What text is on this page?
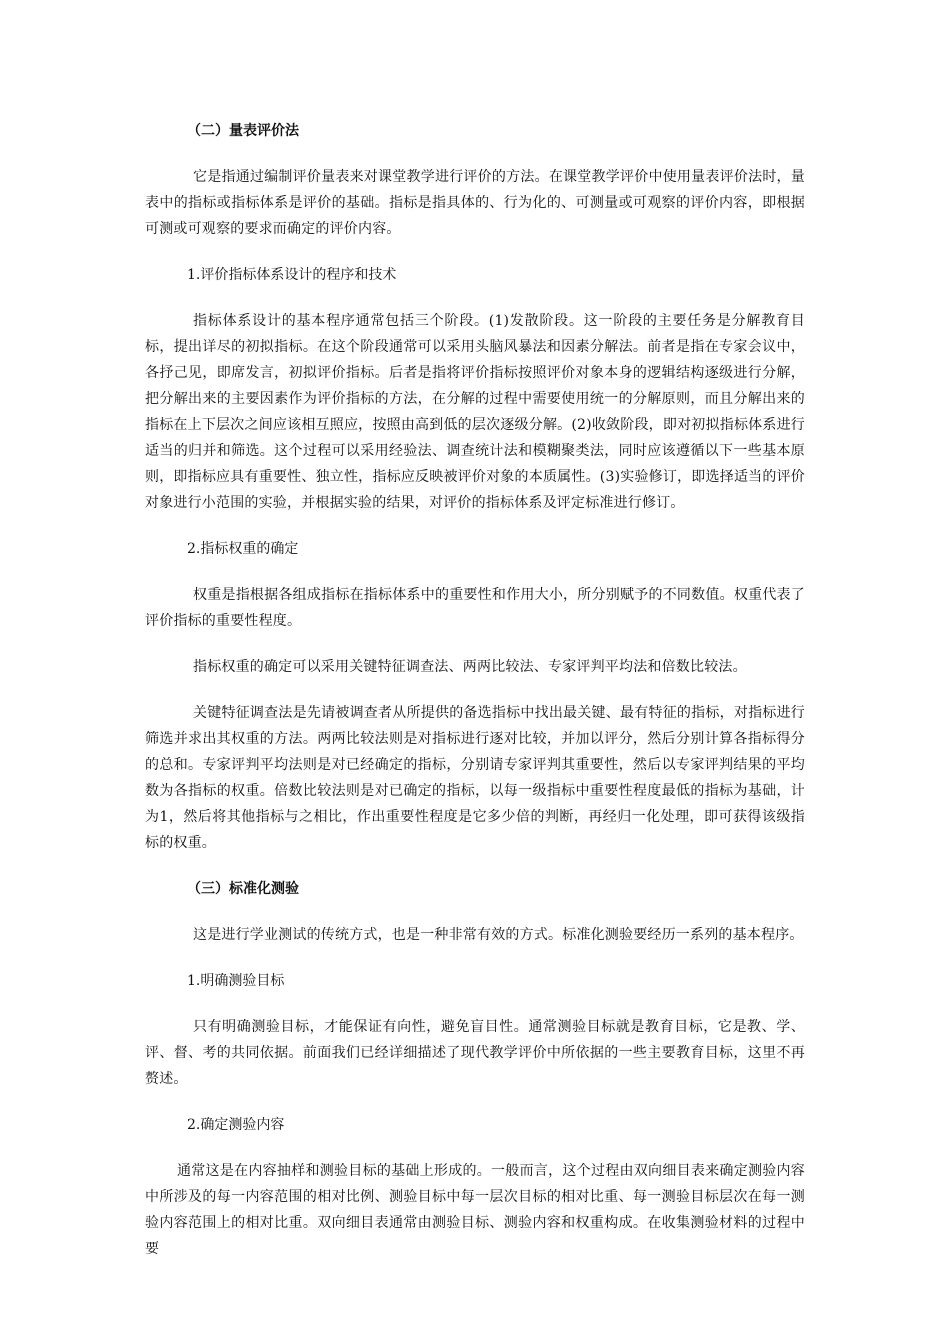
（二）量表评价法

它是指通过编制评价量表来对课堂教学进行评价的方法。在课堂教学评价中使用量表评价法时，量表中的指标或指标体系是评价的基础。指标是指具体的、行为化的、可测量或可观察的评价内容，即根据可测或可观察的要求而确定的评价内容。

1.评价指标体系设计的程序和技术

指标体系设计的基本程序通常包括三个阶段。(1)发散阶段。这一阶段的主要任务是分解教育目标，提出详尽的初拟指标。在这个阶段通常可以采用头脑风暴法和因素分解法。前者是指在专家会议中，各抒己见，即席发言，初拟评价指标。后者是指将评价指标按照评价对象本身的逻辑结构逐级进行分解，把分解出来的主要因素作为评价指标的方法，在分解的过程中需要使用统一的分解原则，而且分解出来的指标在上下层次之间应该相互照应，按照由高到低的层次逐级分解。(2)收敛阶段，即对初拟指标体系进行适当的归并和筛选。这个过程可以采用经验法、调查统计法和模糊聚类法，同时应该遵循以下一些基本原则，即指标应具有重要性、独立性，指标应反映被评价对象的本质属性。(3)实验修订，即选择适当的评价对象进行小范围的实验，并根据实验的结果，对评价的指标体系及评定标准进行修订。

2.指标权重的确定

权重是指根据各组成指标在指标体系中的重要性和作用大小，所分别赋予的不同数值。权重代表了评价指标的重要性程度。

指标权重的确定可以采用关键特征调查法、两两比较法、专家评判平均法和倍数比较法。

关键特征调查法是先请被调查者从所提供的备选指标中找出最关键、最有特征的指标，对指标进行筛选并求出其权重的方法。两两比较法则是对指标进行逐对比较，并加以评分，然后分别计算各指标得分的总和。专家评判平均法则是对已经确定的指标，分别请专家评判其重要性，然后以专家评判结果的平均数为各指标的权重。倍数比较法则是对已确定的指标，以每一级指标中重要性程度最低的指标为基础，计为1，然后将其他指标与之相比，作出重要性程度是它多少倍的判断，再经归一化处理，即可获得该级指标的权重。

（三）标准化测验

这是进行学业测试的传统方式，也是一种非常有效的方式。标准化测验要经历一系列的基本程序。

1.明确测验目标

只有明确测验目标，才能保证有向性，避免盲目性。通常测验目标就是教育目标，它是教、学、评、督、考的共同依据。前面我们已经详细描述了现代教学评价中所依据的一些主要教育目标，这里不再赘述。

2.确定测验内容

通常这是在内容抽样和测验目标的基础上形成的。一般而言，这个过程由双向细目表来确定测验内容中所涉及的每一内容范围的相对比例、测验目标中每一层次目标的相对比重、每一测验目标层次在每一测验内容范围上的相对比重。双向细目表通常由测验目标、测验内容和权重构成。在收集测验材料的过程中要
